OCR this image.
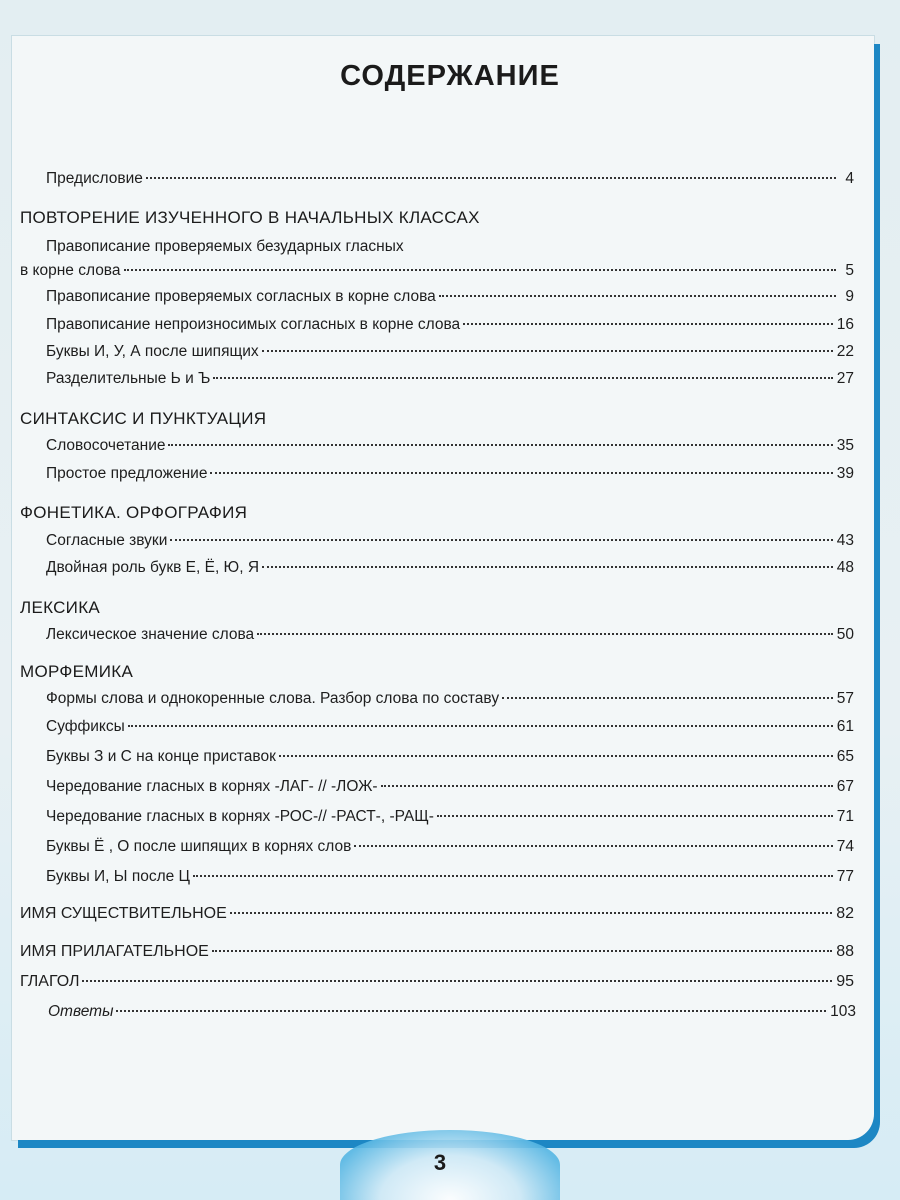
СОДЕРЖАНИЕ
Предисловие	4
ПОВТОРЕНИЕ ИЗУЧЕННОГО В НАЧАЛЬНЫХ КЛАССАХ
Правописание проверяемых безударных гласных
в корне слова	5
Правописание проверяемых согласных в корне слова	9
Правописание непроизносимых согласных в корне слова	16
Буквы И, У, А после шипящих	22
Разделительные Ь и Ъ	27
СИНТАКСИС И ПУНКТУАЦИЯ
Словосочетание	35
Простое предложение	39
ФОНЕТИКА. ОРФОГРАФИЯ
Согласные звуки	43
Двойная роль букв Е, Ё, Ю, Я	48
ЛЕКСИКА
Лексическое значение слова	50
МОРФЕМИКА
Формы слова и однокоренные слова. Разбор слова по составу	57
Суффиксы	61
Буквы З и С на конце приставок	65
Чередование гласных в корнях -ЛАГ- // -ЛОЖ-	67
Чередование гласных в корнях -РОС-// -РАСТ-, -РАЩ-	71
Буквы Ё , О после шипящих в корнях слов	74
Буквы И, Ы после Ц	77
ИМЯ СУЩЕСТВИТЕЛЬНОЕ	82
ИМЯ ПРИЛАГАТЕЛЬНОЕ	88
ГЛАГОЛ	95
Ответы	103
3
